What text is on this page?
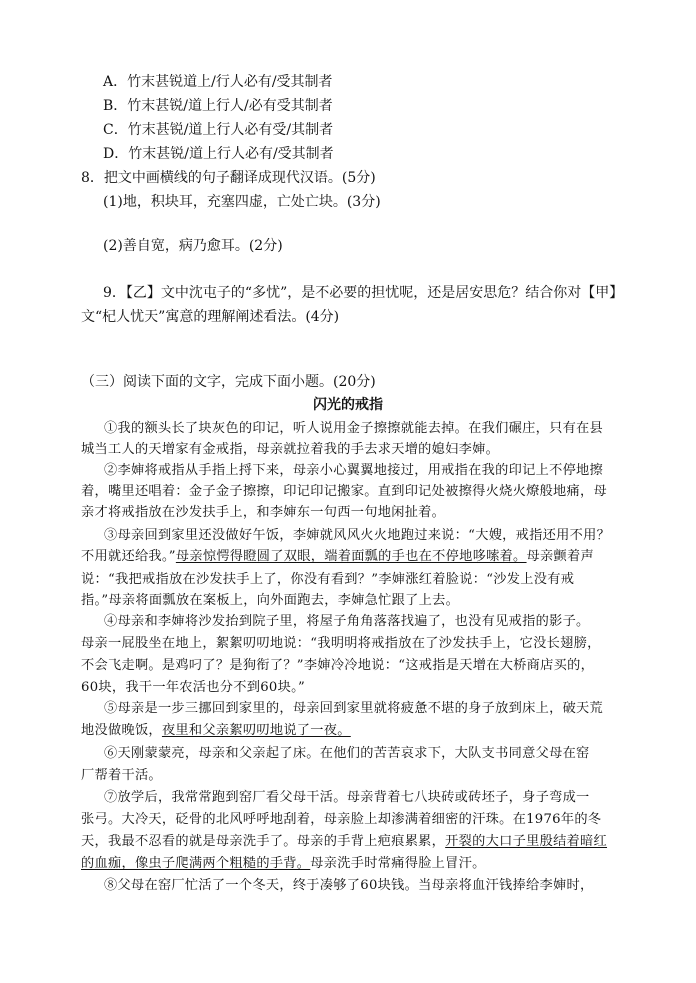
A．竹末甚锐道上/行人必有/受其制者
B．竹末甚锐/道上行人/必有受其制者
C．竹末甚锐/道上行人必有受/其制者
D．竹末甚锐/道上行人必有/受其制者
8．把文中画横线的句子翻译成现代汉语。(5分)
(1)地，积块耳，充塞四虚，亡处亡块。(3分)
(2)善自宽，病乃愈耳。(2分)
9．【乙】文中沈屯子的“多忧”，是不必要的担忧呢，还是居安思危？结合你对【甲】
文“杞人忧天”寓意的理解阐述看法。(4分)
（三）阅读下面的文字，完成下面小题。(20分)
闪光的戒指
①我的额头长了块灰色的印记，听人说用金子擦擦就能去掉。在我们碾庄，只有在县
城当工人的天增家有金戒指，母亲就拉着我的手去求天增的媳妇李婶。
②李婶将戒指从手指上捋下来，母亲小心翼翼地接过，用戒指在我的印记上不停地擦
着，嘴里还唱着：金子金子擦擦，印记印记搬家。直到印记处被擦得火烧火燎般地痛，母
亲才将戒指放在沙发扶手上，和李婶东一句西一句地闲扯着。
③母亲回到家里还没做好午饭，李婶就风风火火地跑过来说：“大嫂，戒指还用不用？
不用就还给我。”母亲惊愕得瞪圆了双眼，端着面瓢的手也在不停地哆嗦着。母亲颤着声
说：“我把戒指放在沙发扶手上了，你没有看到？”李婶涨红着脸说：“沙发上没有戒
指。”母亲将面瓢放在案板上，向外面跑去，李婶急忙跟了上去。
④母亲和李婶将沙发抬到院子里，将屋子角角落落找遍了，也没有见戒指的影子。
母亲一屁股坐在地上，絮絮叨叨地说：“我明明将戒指放在了沙发扶手上，它没长翅膀，
不会飞走啊。是鸡叼了？是狗衔了？”李婶冷冷地说：“这戒指是天增在大桥商店买的，
60块，我干一年农活也分不到60块。”
⑤母亲是一步三挪回到家里的，母亲回到家里就将疲惫不堪的身子放到床上，破天荒
地没做晚饭，夜里和父亲絮叨叨地说了一夜。
⑥天刚蒙蒙亮，母亲和父亲起了床。在他们的苦苦哀求下，大队支书同意父母在窑
厂帮着干活。
⑦放学后，我常常跑到窑厂看父母干活。母亲背着七八块砖或砖坯子，身子弯成一
张弓。大冷天，砭骨的北风呼呼地刮着，母亲脸上却渗满着细密的汗珠。在1976年的冬
天，我最不忍看的就是母亲洗手了。母亲的手背上疤痕累累，开裂的大口子里殷结着暗红
的血痂，像虫子爬满两个粗糙的手背。母亲洗手时常痛得脸上冒汗。
⑧父母在窑厂忙活了一个冬天，终于凑够了60块钱。当母亲将血汗钱捧给李婶时，
